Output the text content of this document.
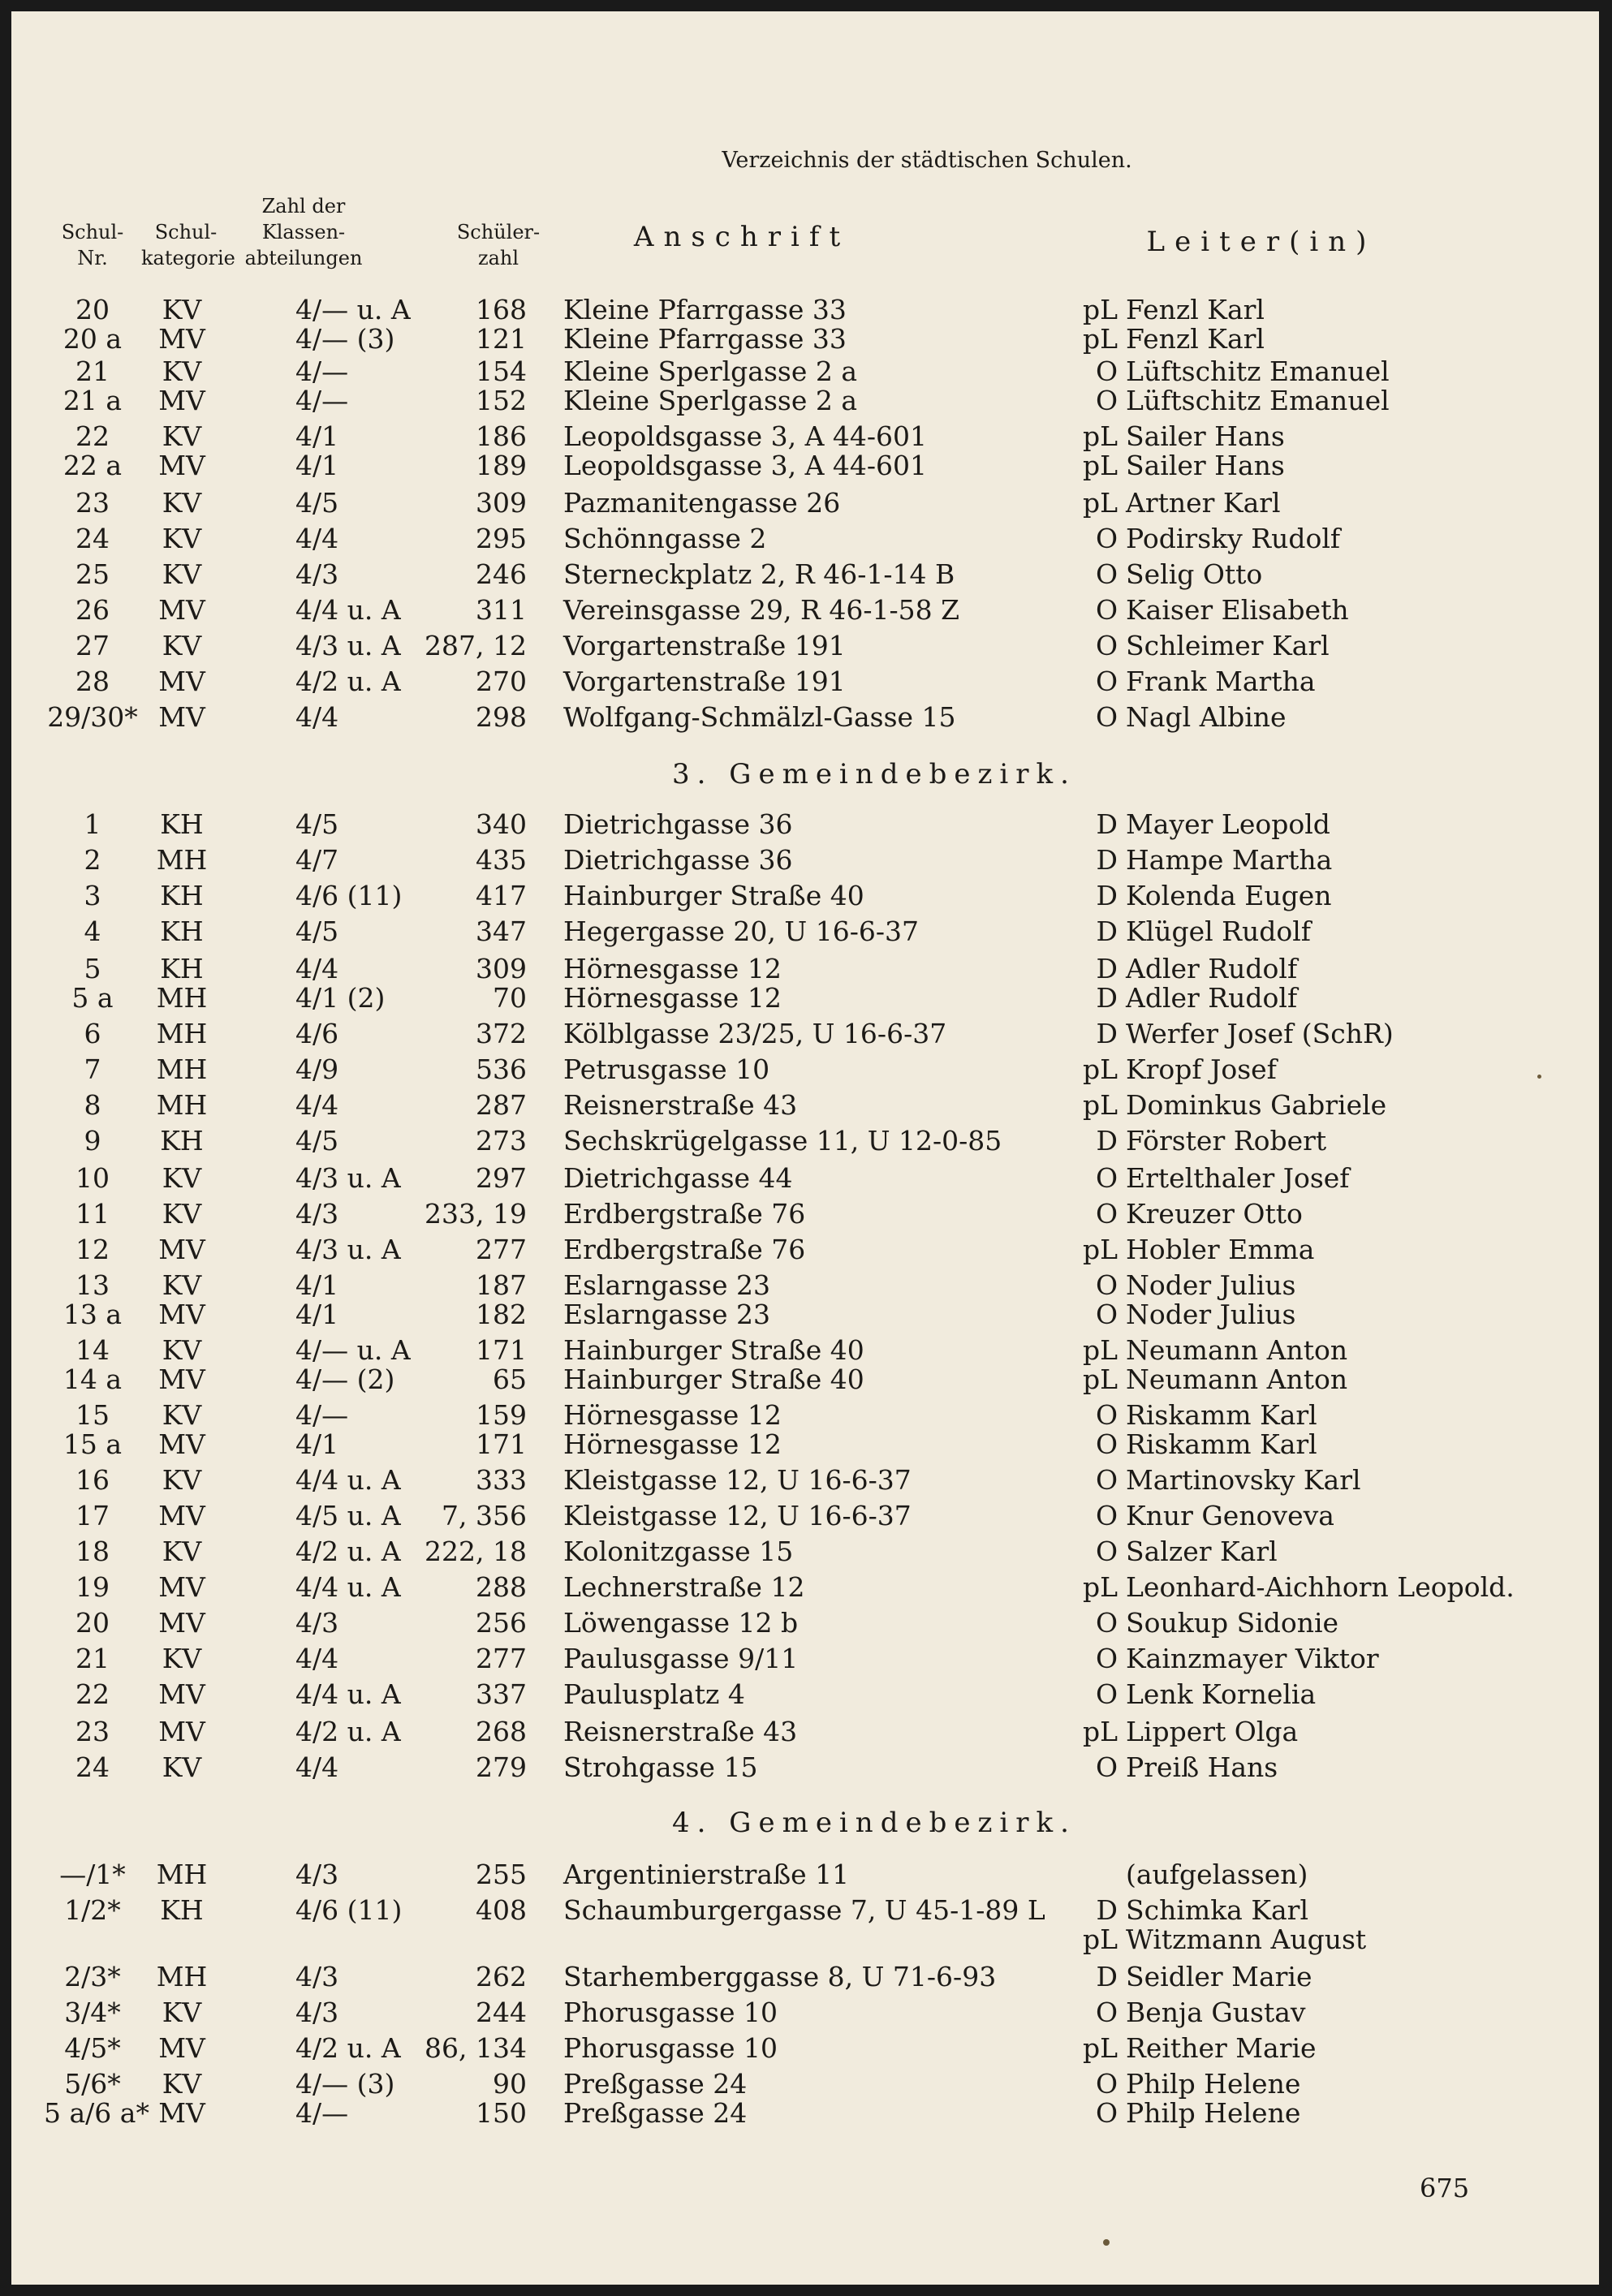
Verzeichnis der städtischen Schulen.
Schul-
Nr.
Schul-
kategorie
Zahl der
Klassen-
abteilungen
Schüler-
zahl
Anschrift	Leiter(in)
20	KV	4/— u. A	168 Kleine Pfarrgasse 33	pL Fenzl Karl
20 a	MV	4/— (3)	121 Kleine Pfarrgasse 33	pL Fenzl Karl
21	KV	4/—	154 Kleine Sperlgasse 2 a	O Lüftschitz Emanuel
21 a	MV	4/—	152 Kleine Sperlgasse 2 a	O Lüftschitz Emanuel
22	KV	4/1	186 Leopoldsgasse 3, A 44-601	pL Sailer Hans
22 a	MV	4/1	189 Leopoldsgasse 3, A 44-601	pL Sailer Hans
23	KV	4/5	309 Pazmanitengasse 26	pL Artner Karl
24	KV	4/4	295 Schönngasse 2	O Podirsky Rudolf
25	KV	4/3	246 Sterneckplatz 2, R 46-1-14 B	O Selig Otto
26	MV	4/4 u. A	311 Vereinsgasse 29, R 46-1-58 Z	O Kaiser Elisabeth
27	KV	4/3 u. A 287, 12 Vorgartenstraße 191	O Schleimer Karl
28	MV	4/2 u. A	270 Vorgartenstraße 191	O Frank Martha
29/30* MV	4/4	298 Wolfgang-Schmälzl-Gasse 15	O Nagl Albine
3. Gemeindebezirk.
1	KH	4/5	340 Dietrichgasse 36	D Mayer Leopold
2	MH	4/7	435 Dietrichgasse 36	D Hampe Martha
3	KH	4/6 (11)	417 Hainburger Straße 40	D Kolenda Eugen
4	KH	4/5	347 Hegergasse 20, U 16-6-37	D Klügel Rudolf
5	KH	4/4	309 Hörnesgasse 12	D Adler Rudolf
5 a	MH	4/1 (2)	70 Hörnesgasse 12	D Adler Rudolf
6	MH	4/6	372 Kölblgasse 23/25, U 16-6-37	D Werfer Josef (SchR)
7	MH	4/9	536 Petrusgasse 10	pL Kropf Josef
8	MH	4/4	287 Reisnerstraße 43	pL Dominkus Gabriele
9	KH	4/5	273 Sechskrügelgasse 11, U 12-0-85	D Förster Robert
10	KV	4/3 u. A	297 Dietrichgasse 44	O Ertelthaler Josef
11	KV	4/3	233, 19 Erdbergstraße 76	O Kreuzer Otto
12	MV	4/3 u. A	277 Erdbergstraße 76	pL Hobler Emma
13	KV	4/1	187 Eslarngasse 23	O Noder Julius
13 a	MV	4/1	182 Eslarngasse 23	O Noder Julius
14	KV	4/— u. A	171 Hainburger Straße 40	pL Neumann Anton
14 a	MV	4/— (2)	65 Hainburger Straße 40	pL Neumann Anton
15	KV	4/—	159 Hörnesgasse 12	O Riskamm Karl
15 a	MV	4/1	171 Hörnesgasse 12	O Riskamm Karl
16	KV	4/4 u. A	333 Kleistgasse 12, U 16-6-37	O Martinovsky Karl
17	MV	4/5 u. A	7, 356 Kleistgasse 12, U 16-6-37	O Knur Genoveva
18	KV	4/2 u. A 222, 18 Kolonitzgasse 15	O Salzer Karl
19	MV	4/4 u. A	288 Lechnerstraße 12	pL Leonhard-Aichhorn Leopold.
20	MV	4/3	256 Löwengasse 12 b	O Soukup Sidonie
21	KV	4/4	277 Paulusgasse 9/11	O Kainzmayer Viktor
22	MV	4/4 u. A	337 Paulusplatz 4	O Lenk Kornelia
23	MV	4/2 u. A	268 Reisnerstraße 43	pL Lippert Olga
24	KV	4/4	279 Strohgasse 15	O Preiß Hans
4. Gemeindebezirk.
—/1*	MH	4/3	255 Argentinierstraße 11	(aufgelassen)
1/2*	KH	4/6 (11)	408 Schaumburgergasse 7, U 45-1-89 L	D Schimka Karl
pL Witzmann August
2/3*	MH	4/3	262 Starhemberggasse 8, U 71-6-93	D Seidler Marie
3/4*	KV	4/3	244 Phorusgasse 10	O Benja Gustav
4/5*	MV	4/2 u. A 86, 134 Phorusgasse 10	pL Reither Marie
5/6*	KV	4/— (3)	90 Preßgasse 24	O Philp Helene
5 a/6 a* MV	4/—	150 Preßgasse 24	O Philp Helene
675
